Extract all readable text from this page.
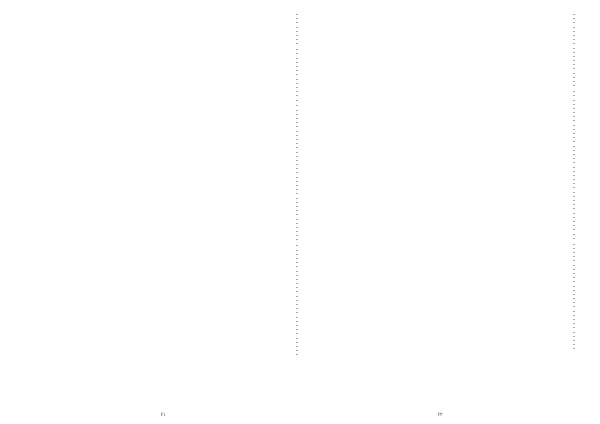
•
•
•
•
•
•
•
•
•
•
•
•
•
•
•
•
•
•
•
•
•
•
•
•
•
•
•
•
•
•
•
•
•
•
•
•
•
•
•
•
•
•
•
•
•
•
•
•
•
•
•
•
•
•
•
•
•
•
•
•
•
•
•
•
•
•
•
•
•
•
•
•
•
•
•
•
•
•
•
•
•
۶۱
•
•
•
•
•
•
•
•
•
•
•
•
•
•
•
•
•
•
•
•
•
•
•
•
•
•
•
•
•
•
•
•
•
•
•
•
•
•
•
•
•
•
•
•
•
•
•
•
•
•
•
•
•
•
•
•
•
•
•
•
•
•
•
•
•
•
•
•
•
•
•
•
•
•
•
•
•
•
•
•
۶۲
